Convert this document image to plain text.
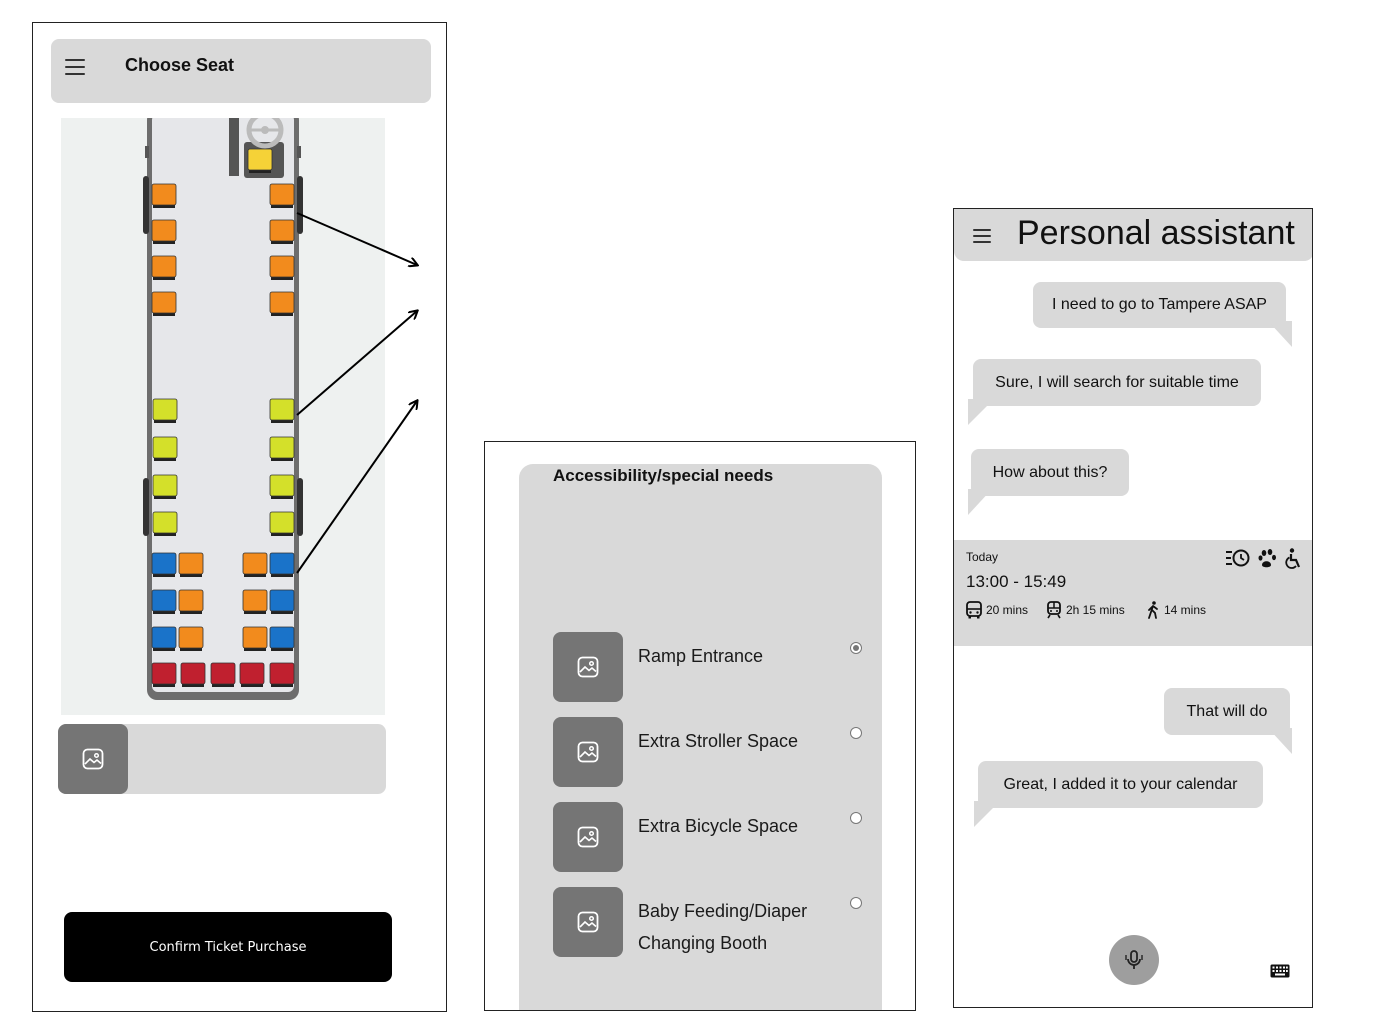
Choose Seat
Confirm Ticket Purchase
Accessibility/special needs
Ramp Entrance
Extra Stroller Space
Extra Bicycle Space
Baby Feeding/Diaper Changing Booth
Personal assistant
I need to go to Tampere ASAP
Sure, I will search for suitable time
How about this?
Today
13:00 - 15:49
20 mins	2h 15 mins	14 mins
That will do
Great, I added it to your calendar
